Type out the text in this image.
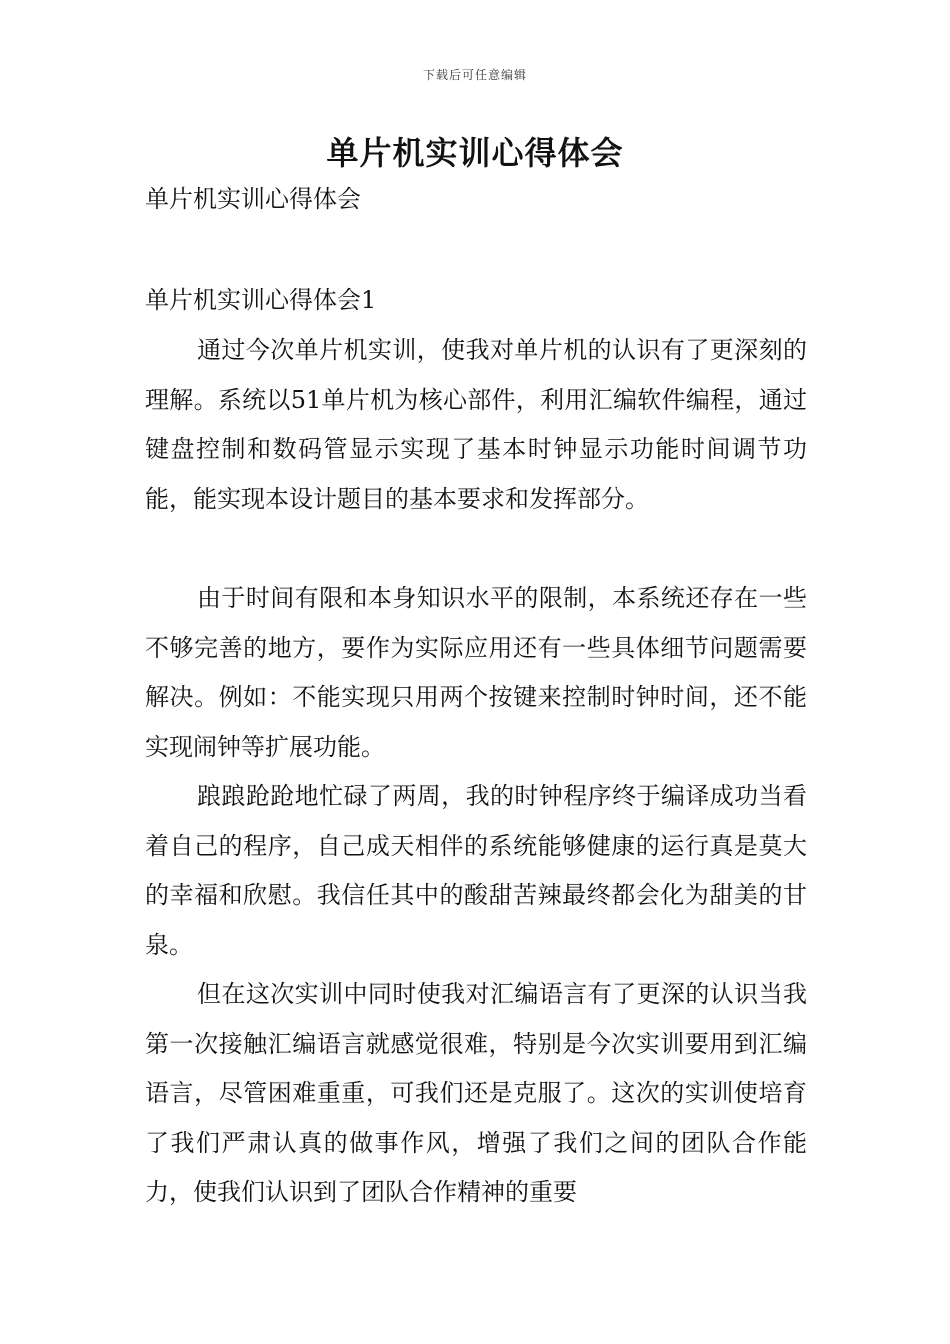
下载后可任意编辑
单片机实训心得体会

单片机实训心得体会

单片机实训心得体会1

通过今次单片机实训，使我对单片机的认识有了更深刻的理解。系统以51单片机为核心部件，利用汇编软件编程，通过键盘控制和数码管显示实现了基本时钟显示功能时间调节功能，能实现本设计题目的基本要求和发挥部分。

由于时间有限和本身知识水平的限制，本系统还存在一些不够完善的地方，要作为实际应用还有一些具体细节问题需要解决。例如：不能实现只用两个按键来控制时钟时间，还不能实现闹钟等扩展功能。

踉踉跄跄地忙碌了两周，我的时钟程序终于编译成功当看着自己的程序，自己成天相伴的系统能够健康的运行真是莫大的幸福和欣慰。我信任其中的酸甜苦辣最终都会化为甜美的甘泉。

但在这次实训中同时使我对汇编语言有了更深的认识当我第一次接触汇编语言就感觉很难，特别是今次实训要用到汇编语言，尽管困难重重，可我们还是克服了。这次的实训使培育了我们严肃认真的做事作风，增强了我们之间的团队合作能力，使我们认识到了团队合作精神的重要
